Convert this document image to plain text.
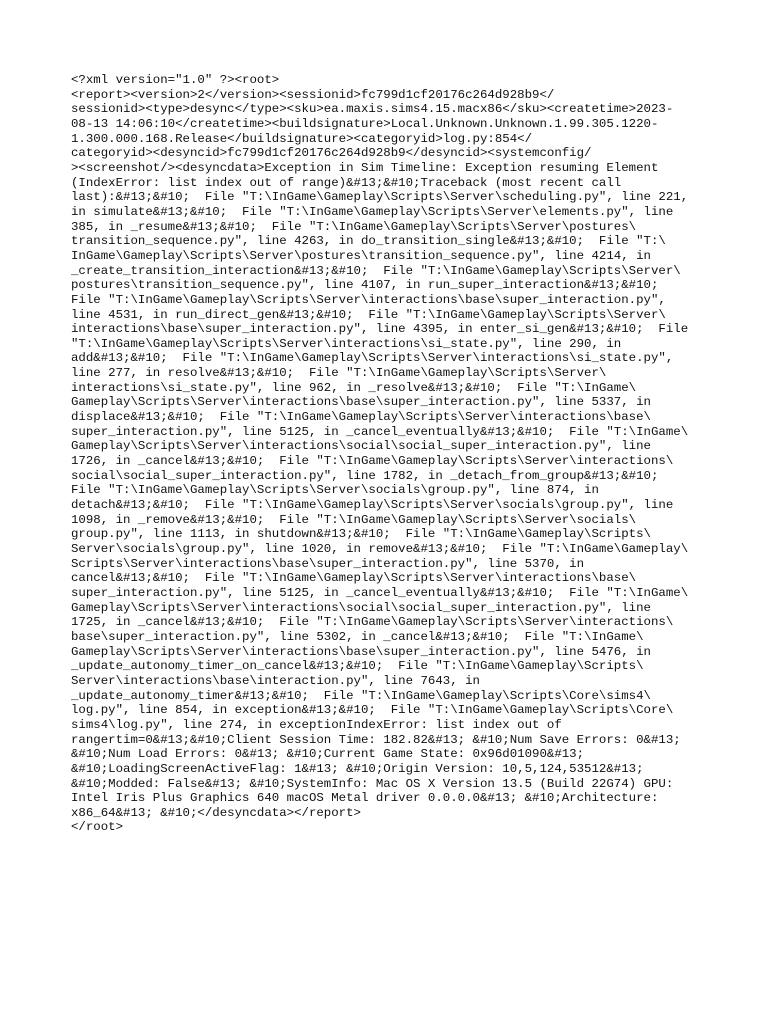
<?xml version="1.0" ?><root>
<report><version>2</version><sessionid>fc799d1cf20176c264d928b9</
sessionid><type>desync</type><sku>ea.maxis.sims4.15.macx86</sku><createtime>2023-
08-13 14:06:10</createtime><buildsignature>Local.Unknown.Unknown.1.99.305.1220-
1.300.000.168.Release</buildsignature><categoryid>log.py:854</
categoryid><desyncid>fc799d1cf20176c264d928b9</desyncid><systemconfig/
><screenshot/><desyncdata>Exception in Sim Timeline: Exception resuming Element
(IndexError: list index out of range)&#13;&#10;Traceback (most recent call
last):&#13;&#10;  File "T:\InGame\Gameplay\Scripts\Server\scheduling.py", line 221,
in simulate&#13;&#10;  File "T:\InGame\Gameplay\Scripts\Server\elements.py", line
385, in _resume&#13;&#10;  File "T:\InGame\Gameplay\Scripts\Server\postures\
transition_sequence.py", line 4263, in do_transition_single&#13;&#10;  File "T:\
InGame\Gameplay\Scripts\Server\postures\transition_sequence.py", line 4214, in
_create_transition_interaction&#13;&#10;  File "T:\InGame\Gameplay\Scripts\Server\
postures\transition_sequence.py", line 4107, in run_super_interaction&#13;&#10;
File "T:\InGame\Gameplay\Scripts\Server\interactions\base\super_interaction.py",
line 4531, in run_direct_gen&#13;&#10;  File "T:\InGame\Gameplay\Scripts\Server\
interactions\base\super_interaction.py", line 4395, in enter_si_gen&#13;&#10;  File
"T:\InGame\Gameplay\Scripts\Server\interactions\si_state.py", line 290, in
add&#13;&#10;  File "T:\InGame\Gameplay\Scripts\Server\interactions\si_state.py",
line 277, in resolve&#13;&#10;  File "T:\InGame\Gameplay\Scripts\Server\
interactions\si_state.py", line 962, in _resolve&#13;&#10;  File "T:\InGame\
Gameplay\Scripts\Server\interactions\base\super_interaction.py", line 5337, in
displace&#13;&#10;  File "T:\InGame\Gameplay\Scripts\Server\interactions\base\
super_interaction.py", line 5125, in _cancel_eventually&#13;&#10;  File "T:\InGame\
Gameplay\Scripts\Server\interactions\social\social_super_interaction.py", line
1726, in _cancel&#13;&#10;  File "T:\InGame\Gameplay\Scripts\Server\interactions\
social\social_super_interaction.py", line 1782, in _detach_from_group&#13;&#10;
File "T:\InGame\Gameplay\Scripts\Server\socials\group.py", line 874, in
detach&#13;&#10;  File "T:\InGame\Gameplay\Scripts\Server\socials\group.py", line
1098, in _remove&#13;&#10;  File "T:\InGame\Gameplay\Scripts\Server\socials\
group.py", line 1113, in shutdown&#13;&#10;  File "T:\InGame\Gameplay\Scripts\
Server\socials\group.py", line 1020, in remove&#13;&#10;  File "T:\InGame\Gameplay\
Scripts\Server\interactions\base\super_interaction.py", line 5370, in
cancel&#13;&#10;  File "T:\InGame\Gameplay\Scripts\Server\interactions\base\
super_interaction.py", line 5125, in _cancel_eventually&#13;&#10;  File "T:\InGame\
Gameplay\Scripts\Server\interactions\social\social_super_interaction.py", line
1725, in _cancel&#13;&#10;  File "T:\InGame\Gameplay\Scripts\Server\interactions\
base\super_interaction.py", line 5302, in _cancel&#13;&#10;  File "T:\InGame\
Gameplay\Scripts\Server\interactions\base\super_interaction.py", line 5476, in
_update_autonomy_timer_on_cancel&#13;&#10;  File "T:\InGame\Gameplay\Scripts\
Server\interactions\base\interaction.py", line 7643, in
_update_autonomy_timer&#13;&#10;  File "T:\InGame\Gameplay\Scripts\Core\sims4\
log.py", line 854, in exception&#13;&#10;  File "T:\InGame\Gameplay\Scripts\Core\
sims4\log.py", line 274, in exceptionIndexError: list index out of
rangertim=0&#13;&#10;Client Session Time: 182.82&#13; &#10;Num Save Errors: 0&#13;
&#10;Num Load Errors: 0&#13; &#10;Current Game State: 0x96d01090&#13;
&#10;LoadingScreenActiveFlag: 1&#13; &#10;Origin Version: 10,5,124,53512&#13;
&#10;Modded: False&#13; &#10;SystemInfo: Mac OS X Version 13.5 (Build 22G74) GPU:
Intel Iris Plus Graphics 640 macOS Metal driver 0.0.0.0&#13; &#10;Architecture:
x86_64&#13; &#10;</desyncdata></report>
</root>
